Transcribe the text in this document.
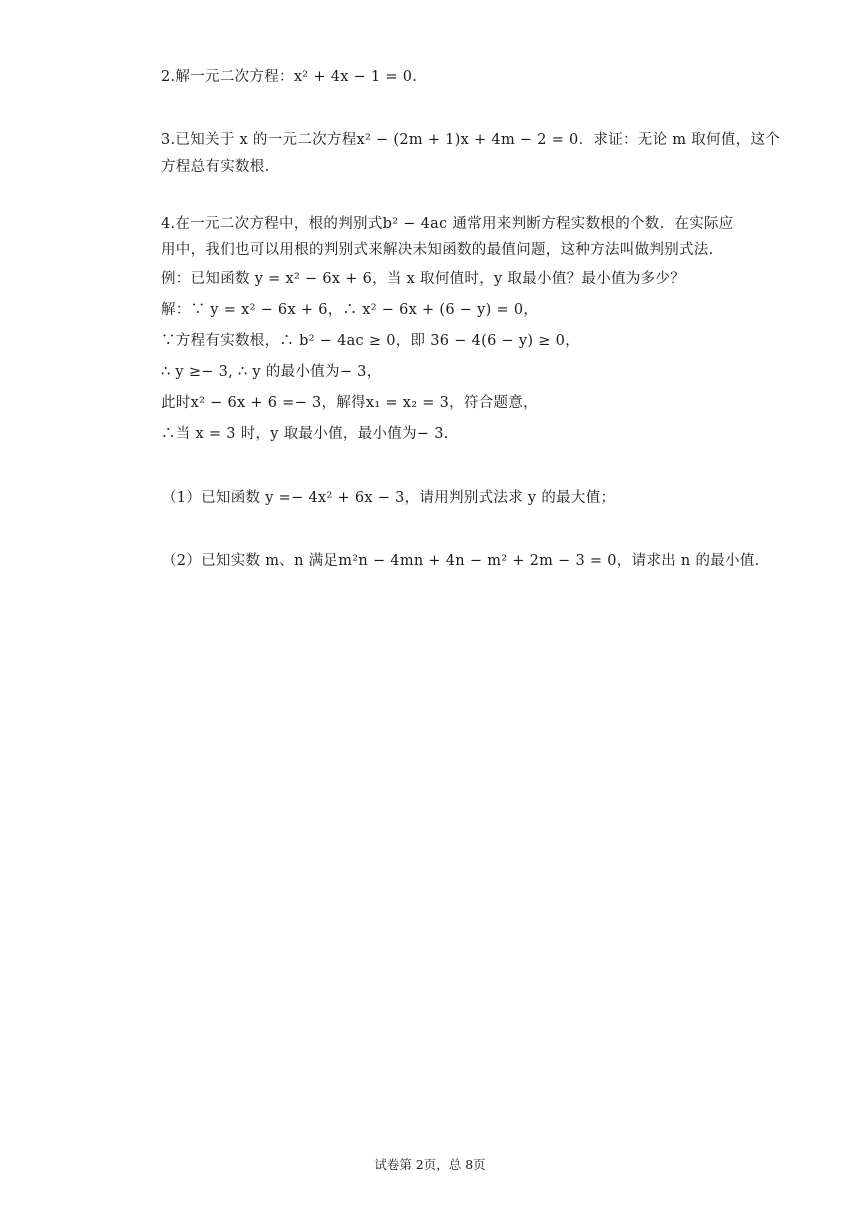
2.解一元二次方程：x² + 4x − 1 = 0.
3.已知关于 x 的一元二次方程x² − (2m + 1)x + 4m − 2 = 0．求证：无论 m 取何值，这个
方程总有实数根.
4.在一元二次方程中，根的判别式b² − 4ac 通常用来判断方程实数根的个数．在实际应
用中，我们也可以用根的判别式来解决未知函数的最值问题，这种方法叫做判别式法.
例：已知函数 y = x² − 6x + 6，当 x 取何值时，y 取最小值？最小值为多少？
解：∵ y = x² − 6x + 6，∴ x² − 6x + (6 − y) = 0，
∵方程有实数根，∴ b² − 4ac ≥ 0，即 36 − 4(6 − y) ≥ 0，
∴ y ≥− 3, ∴ y 的最小值为− 3，
此时x² − 6x + 6 =− 3，解得x₁ = x₂ = 3，符合题意，
∴当 x = 3 时，y 取最小值，最小值为− 3.
（1）已知函数 y =− 4x² + 6x − 3，请用判别式法求 y 的最大值；
（2）已知实数 m、n 满足m²n − 4mn + 4n − m² + 2m − 3 = 0，请求出 n 的最小值.
试卷第 2页，总 8页
